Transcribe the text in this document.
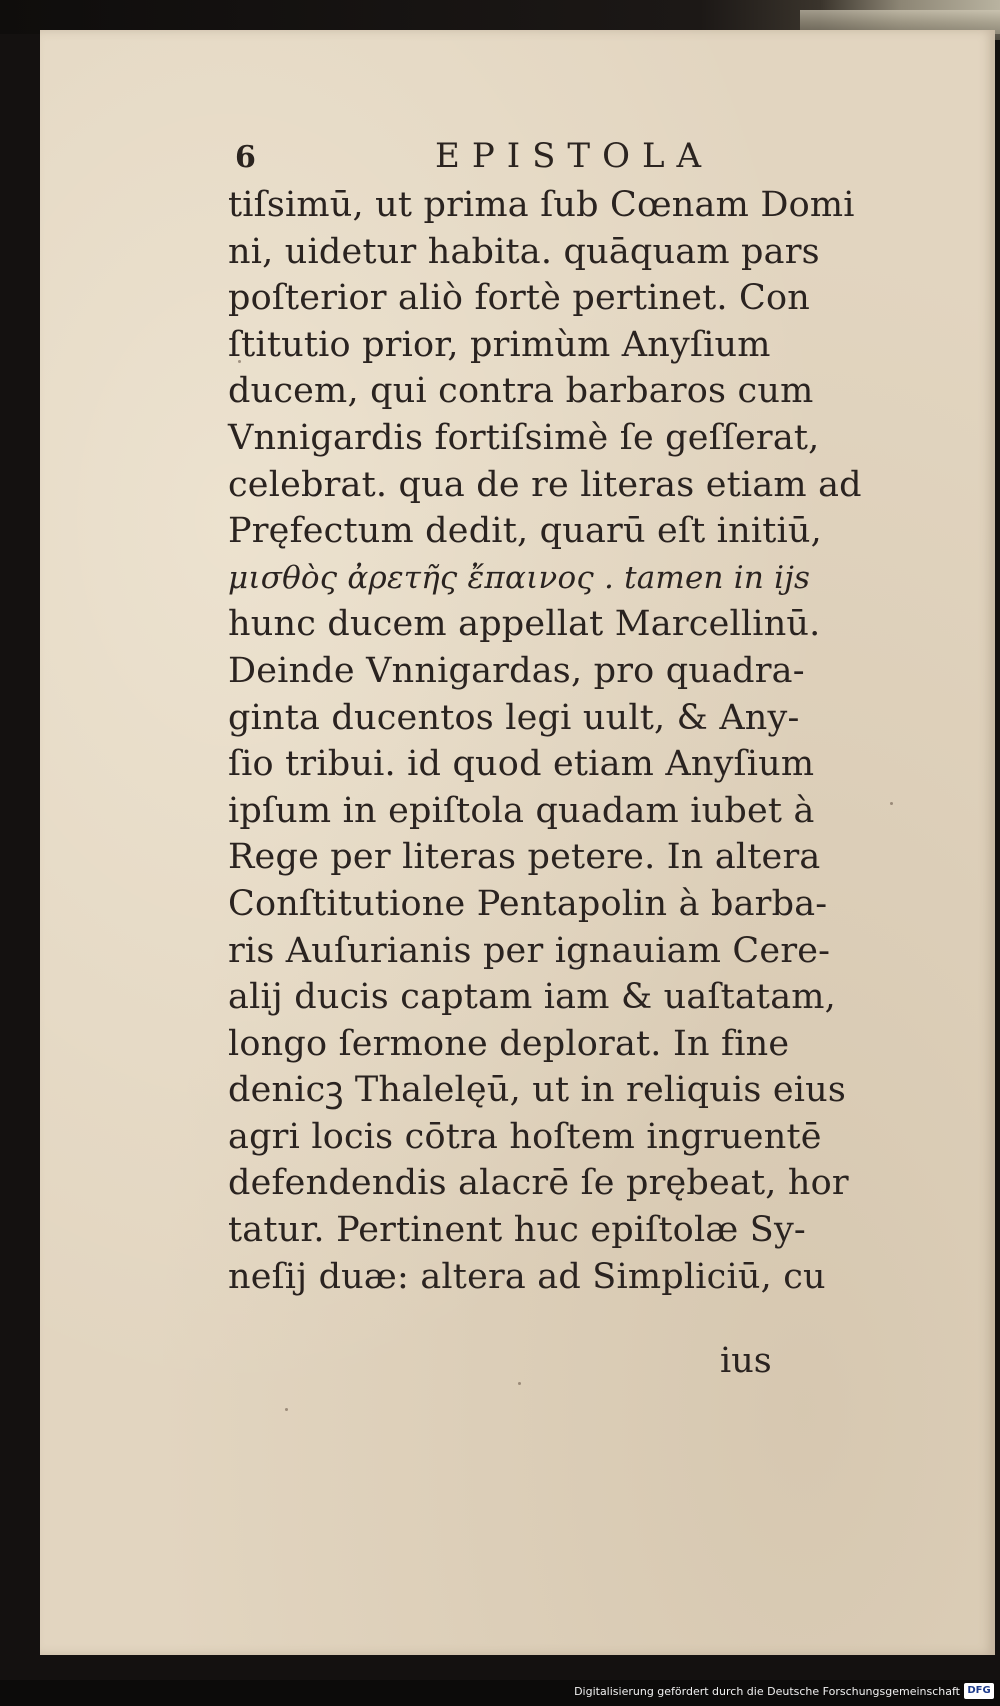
6	EPISTOLA
tiſsimū, ut prima ſub Cœnam Domi
ni, uidetur habita. quāquam pars
poſterior aliò fortè pertinet. Con
ſtitutio prior, primùm Anyſium
ducem, qui contra barbaros cum
Vnnigardis fortiſsimè ſe geſſerat,
celebrat. qua de re literas etiam ad
Pręfectum dedit, quarū eſt initiū,
μισθὸς ἀρετῆς ἔπαινος . tamen in ijs
hunc ducem appellat Marcellinū.
Deinde Vnnigardas, pro quadra-
ginta ducentos legi uult, & Any-
ſio tribui. id quod etiam Anyſium
ipſum in epiſtola quadam iubet à
Rege per literas petere. In altera
Conſtitutione Pentapolin à barba-
ris Auſurianis per ignauiam Cere-
alij ducis captam iam & uaſtatam,
longo ſermone deplorat. In fine
denicꝫ Thalelęū, ut in reliquis eius
agri locis cōtra hoſtem ingruentē
defendendis alacrē ſe prębeat, hor
tatur. Pertinent huc epiſtolæ Sy-
neſij duæ: altera ad Simpliciū, cu
ius
Digitalisierung gefördert durch die Deutsche Forschungsgemeinschaft DFG
